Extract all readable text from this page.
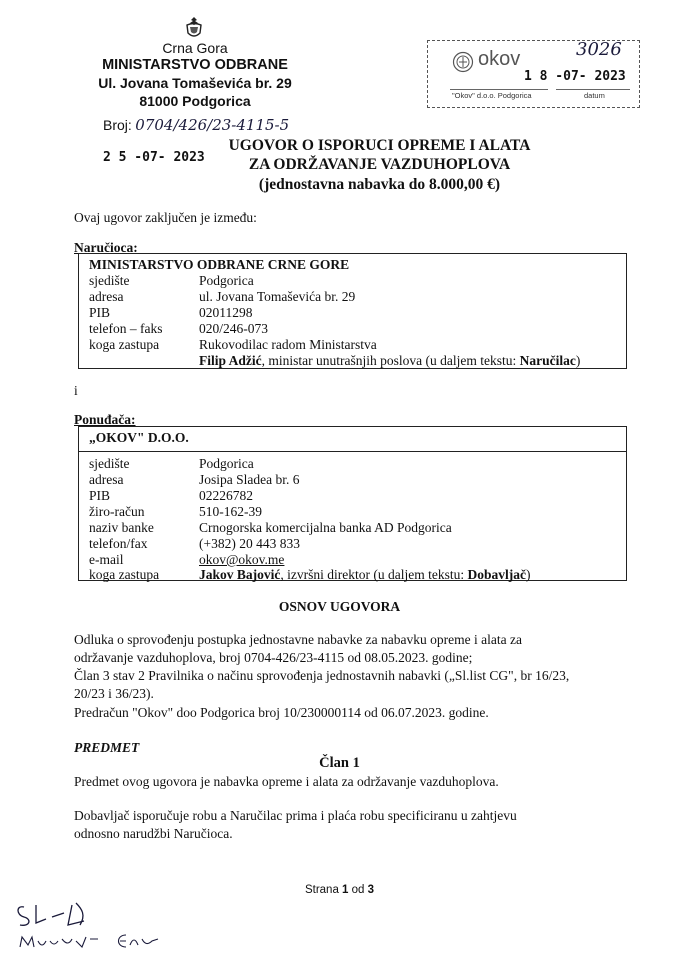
Crna Gora
MINISTARSTVO ODBRANE
Ul. Jovana Tomaševića br. 29
81000 Podgorica
Broj: 0704/426/23-4115-5
2 5 -07- 2023
okov	3026
1 8 -07- 2023
"Okov" d.o.o. Podgorica	datum
UGOVOR O ISPORUCI OPREME I ALATA
ZA ODRŽAVANJE VAZDUHOPLOVA
(jednostavna nabavka do 8.000,00 €)
Ovaj ugovor zaključen je između:
Naručioca:
MINISTARSTVO ODBRANE CRNE GORE
sjedište	Podgorica
adresa	ul. Jovana Tomaševića br. 29
PIB	02011298
telefon – faks	020/246-073
koga zastupa	Rukovodilac radom Ministarstva
Filip Adžić, ministar unutrašnjih poslova (u daljem tekstu: Naručilac)
i
Ponuđača:
„OKOV" D.O.O.
sjedište	Podgorica
adresa	Josipa Sladea br. 6
PIB	02226782
žiro-račun	510-162-39
naziv banke	Crnogorska komercijalna banka AD Podgorica
telefon/fax	(+382) 20 443 833
e-mail	okov@okov.me
koga zastupa	Jakov Bajović, izvršni direktor (u daljem tekstu: Dobavljač)
OSNOV UGOVORA
Odluka o sprovođenju postupka jednostavne nabavke za nabavku opreme i alata za
održavanje vazduhoplova, broj 0704-426/23-4115 od 08.05.2023. godine;
Član 3 stav 2 Pravilnika o načinu sprovođenja jednostavnih nabavki („Sl.list CG", br 16/23,
20/23 i 36/23).
Predračun "Okov" doo Podgorica broj 10/230000114 od 06.07.2023. godine.
PREDMET
Član 1
Predmet ovog ugovora je nabavka opreme i alata za održavanje vazduhoplova.
Dobavljač isporučuje robu a Naručilac prima i plaća robu specificiranu u zahtjevu
odnosno narudžbi Naručioca.
Strana 1 od 3
